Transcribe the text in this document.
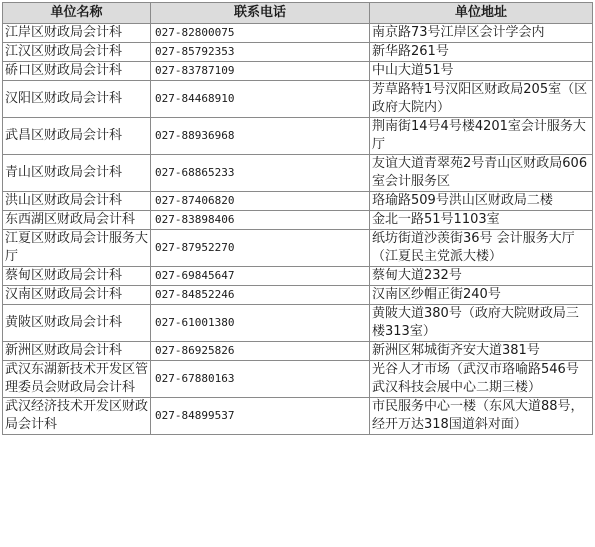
单位名称	联系电话	单位地址
江岸区财政局会计科	027-82800075	南京路73号江岸区会计学会内
江汉区财政局会计科	027-85792353	新华路261号
硚口区财政局会计科	027-83787109	中山大道51号
汉阳区财政局会计科	027-84468910	芳草路特1号汉阳区财政局205室（区政府大院内）
武昌区财政局会计科	027-88936968	荆南街14号4号楼4201室会计服务大厅
青山区财政局会计科	027-68865233	友谊大道青翠苑2号青山区财政局606室会计服务区
洪山区财政局会计科	027-87406820	珞瑜路509号洪山区财政局二楼
东西湖区财政局会计科	027-83898406	金北一路51号1103室
江夏区财政局会计服务大厅	027-87952270	纸坊街道沙羡街36号 会计服务大厅（江夏民主党派大楼）
蔡甸区财政局会计科	027-69845647	蔡甸大道232号
汉南区财政局会计科	027-84852246	汉南区纱帽正街240号
黄陂区财政局会计科	027-61001380	黄陂大道380号（政府大院财政局三楼313室）
新洲区财政局会计科	027-86925826	新洲区邾城街齐安大道381号
武汉东湖新技术开发区管理委员会财政局会计科	027-67880163	光谷人才市场（武汉市珞喻路546号武汉科技会展中心二期三楼）
武汉经济技术开发区财政局会计科	027-84899537	市民服务中心一楼（东风大道88号，经开万达318国道斜对面）
